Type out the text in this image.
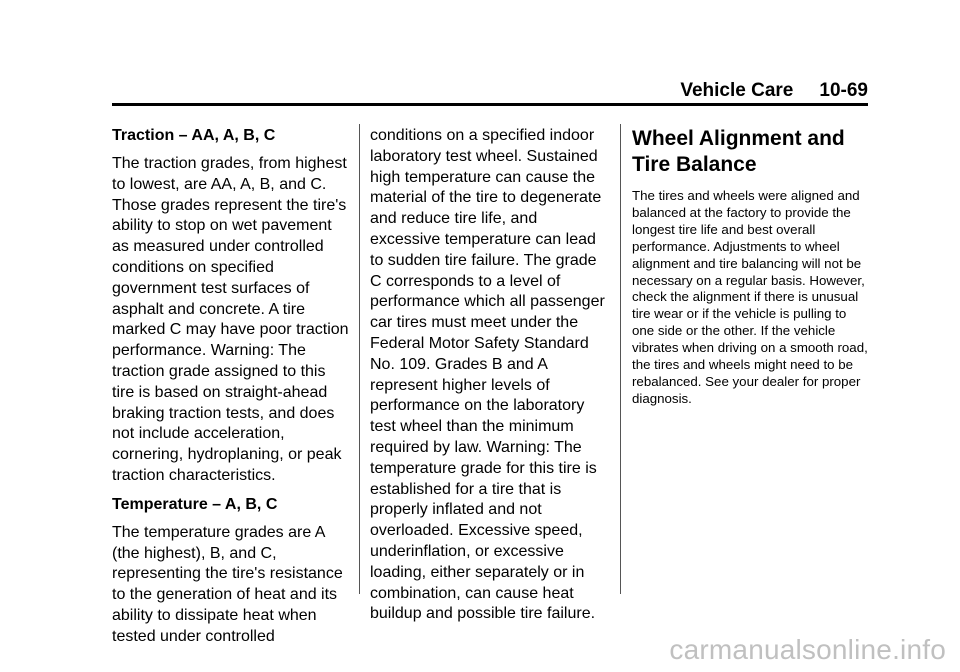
Vehicle Care 10-69

Traction – AA, A, B, C

The traction grades, from highest to lowest, are AA, A, B, and C. Those grades represent the tire's ability to stop on wet pavement as measured under controlled conditions on specified government test surfaces of asphalt and concrete. A tire marked C may have poor traction performance. Warning: The traction grade assigned to this tire is based on straight-ahead braking traction tests, and does not include acceleration, cornering, hydroplaning, or peak traction characteristics.

Temperature – A, B, C

The temperature grades are A (the highest), B, and C, representing the tire's resistance to the generation of heat and its ability to dissipate heat when tested under controlled

conditions on a specified indoor laboratory test wheel. Sustained high temperature can cause the material of the tire to degenerate and reduce tire life, and excessive temperature can lead to sudden tire failure. The grade C corresponds to a level of performance which all passenger car tires must meet under the Federal Motor Safety Standard No. 109. Grades B and A represent higher levels of performance on the laboratory test wheel than the minimum required by law. Warning: The temperature grade for this tire is established for a tire that is properly inflated and not overloaded. Excessive speed, underinflation, or excessive loading, either separately or in combination, can cause heat buildup and possible tire failure.

Wheel Alignment and Tire Balance

The tires and wheels were aligned and balanced at the factory to provide the longest tire life and best overall performance. Adjustments to wheel alignment and tire balancing will not be necessary on a regular basis. However, check the alignment if there is unusual tire wear or if the vehicle is pulling to one side or the other. If the vehicle vibrates when driving on a smooth road, the tires and wheels might need to be rebalanced. See your dealer for proper diagnosis.

carmanualsonline.info
